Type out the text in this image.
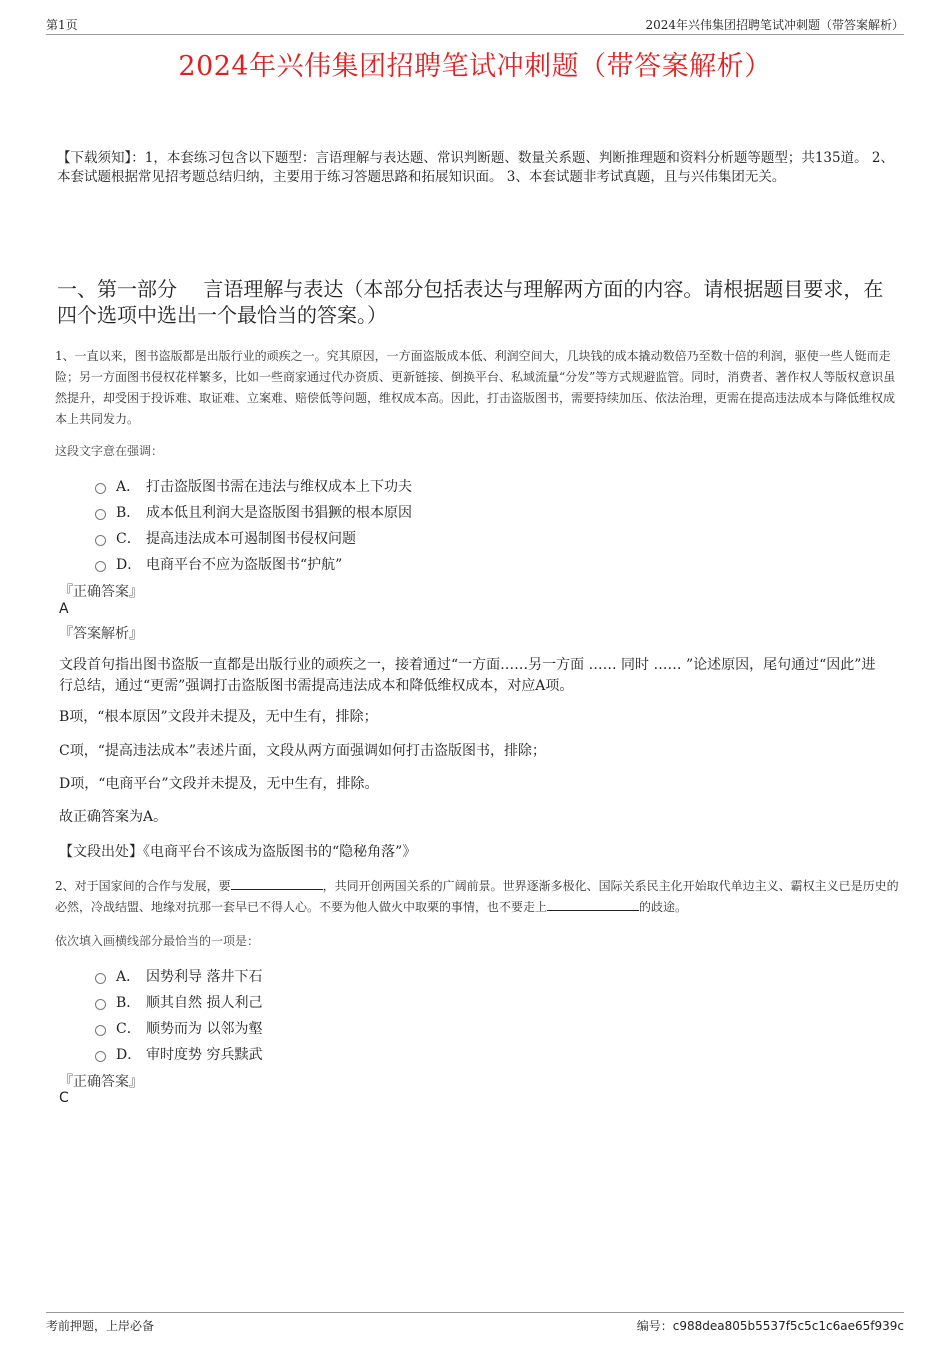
第1页	2024年兴伟集团招聘笔试冲刺题（带答案解析）
2024年兴伟集团招聘笔试冲刺题（带答案解析）
【下载须知】：1，本套练习包含以下题型：言语理解与表达题、常识判断题、数量关系题、判断推理题和资料分析题等题型；共135道。 2、本套试题根据常见招考题总结归纳，主要用于练习答题思路和拓展知识面。 3、本套试题非考试真题，且与兴伟集团无关。
一、第一部分　 言语理解与表达（本部分包括表达与理解两方面的内容。请根据题目要求，在四个选项中选出一个最恰当的答案。）
1、一直以来，图书盗版都是出版行业的顽疾之一。究其原因，一方面盗版成本低、利润空间大，几块钱的成本撬动数倍乃至数十倍的利润，驱使一些人铤而走险；另一方面图书侵权花样繁多，比如一些商家通过代办资质、更新链接、倒换平台、私域流量“分发”等方式规避监管。同时，消费者、著作权人等版权意识虽然提升，却受困于投诉难、取证难、立案难、赔偿低等问题，维权成本高。因此，打击盗版图书，需要持续加压、依法治理，更需在提高违法成本与降低维权成本上共同发力。
这段文字意在强调：
A． 打击盗版图书需在违法与维权成本上下功夫
B． 成本低且利润大是盗版图书猖獗的根本原因
C． 提高违法成本可遏制图书侵权问题
D． 电商平台不应为盗版图书“护航”
『正确答案』
A
『答案解析』
文段首句指出图书盗版一直都是出版行业的顽疾之一，接着通过“一方面……另一方面 …… 同时 …… ”论述原因，尾句通过“因此”进行总结，通过“更需”强调打击盗版图书需提高违法成本和降低维权成本，对应A项。
B项，“根本原因”文段并未提及，无中生有，排除；
C项，“提高违法成本”表述片面，文段从两方面强调如何打击盗版图书，排除；
D项，“电商平台”文段并未提及，无中生有，排除。
故正确答案为A。
【文段出处】《电商平台不该成为盗版图书的“隐秘角落”》
2、对于国家间的合作与发展，要	，共同开创两国关系的广阔前景。世界逐渐多极化、国际关系民主化开始取代单边主义、霸权主义已是历史的必然，冷战结盟、地缘对抗那一套早已不得人心。不要为他人做火中取栗的事情，也不要走上	的歧途。
依次填入画横线部分最恰当的一项是：
A． 因势利导 落井下石
B． 顺其自然 损人利己
C． 顺势而为 以邻为壑
D． 审时度势 穷兵黩武
『正确答案』
C
考前押题，上岸必备	编号：c988dea805b5537f5c5c1c6ae65f939c
